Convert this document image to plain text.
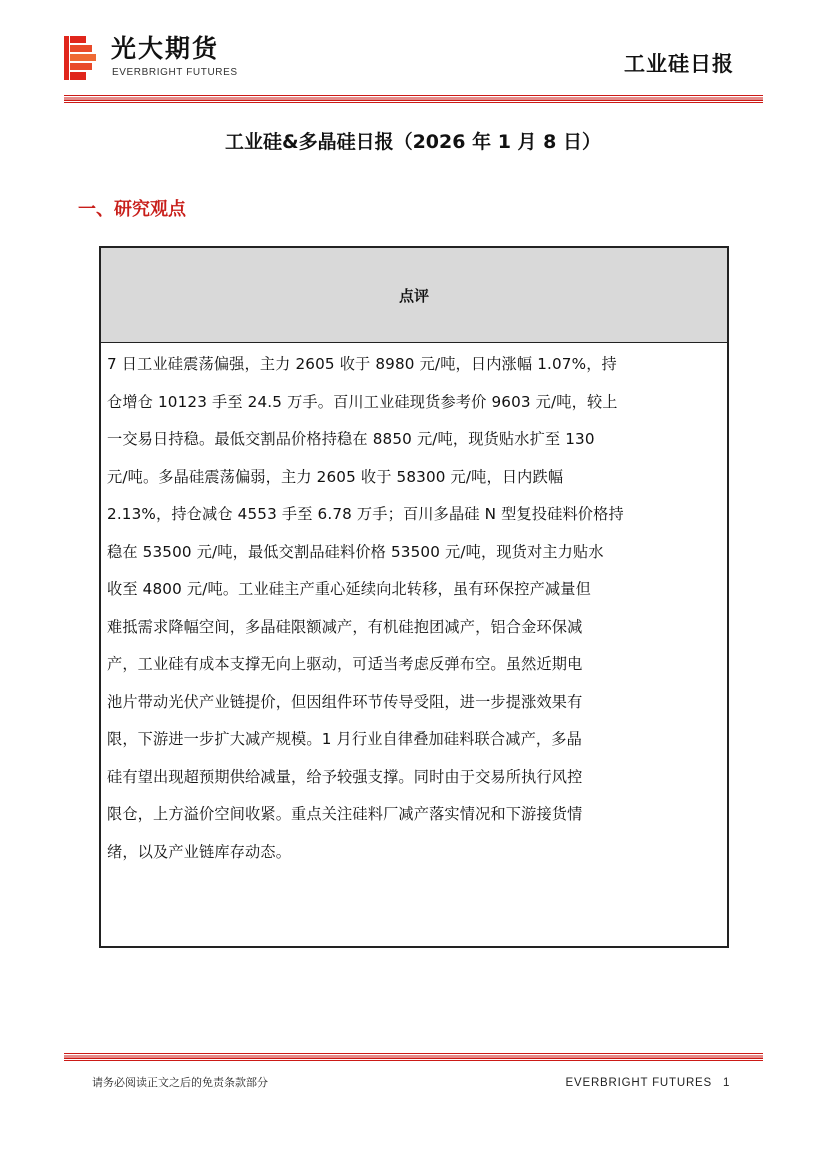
光大期货
EVERBRIGHT FUTURES	工业硅日报
工业硅&多晶硅日报（2026 年 1 月 8 日）
一、研究观点
点评
7 日工业硅震荡偏强，主力 2605 收于 8980 元/吨，日内涨幅 1.07%，持
仓增仓 10123 手至 24.5 万手。百川工业硅现货参考价 9603 元/吨，较上
一交易日持稳。最低交割品价格持稳在 8850 元/吨，现货贴水扩至 130
元/吨。多晶硅震荡偏弱，主力 2605 收于 58300 元/吨，日内跌幅
2.13%，持仓减仓 4553 手至 6.78 万手；百川多晶硅 N 型复投硅料价格持
稳在 53500 元/吨，最低交割品硅料价格 53500 元/吨，现货对主力贴水
收至 4800 元/吨。工业硅主产重心延续向北转移，虽有环保控产减量但
难抵需求降幅空间，多晶硅限额减产，有机硅抱团减产，铝合金环保减
产，工业硅有成本支撑无向上驱动，可适当考虑反弹布空。虽然近期电
池片带动光伏产业链提价，但因组件环节传导受阻，进一步提涨效果有
限，下游进一步扩大减产规模。1 月行业自律叠加硅料联合减产，多晶
硅有望出现超预期供给减量，给予较强支撑。同时由于交易所执行风控
限仓，上方溢价空间收紧。重点关注硅料厂减产落实情况和下游接货情
绪，以及产业链库存动态。
请务必阅读正文之后的免责条款部分	EVERBRIGHT FUTURES 1
